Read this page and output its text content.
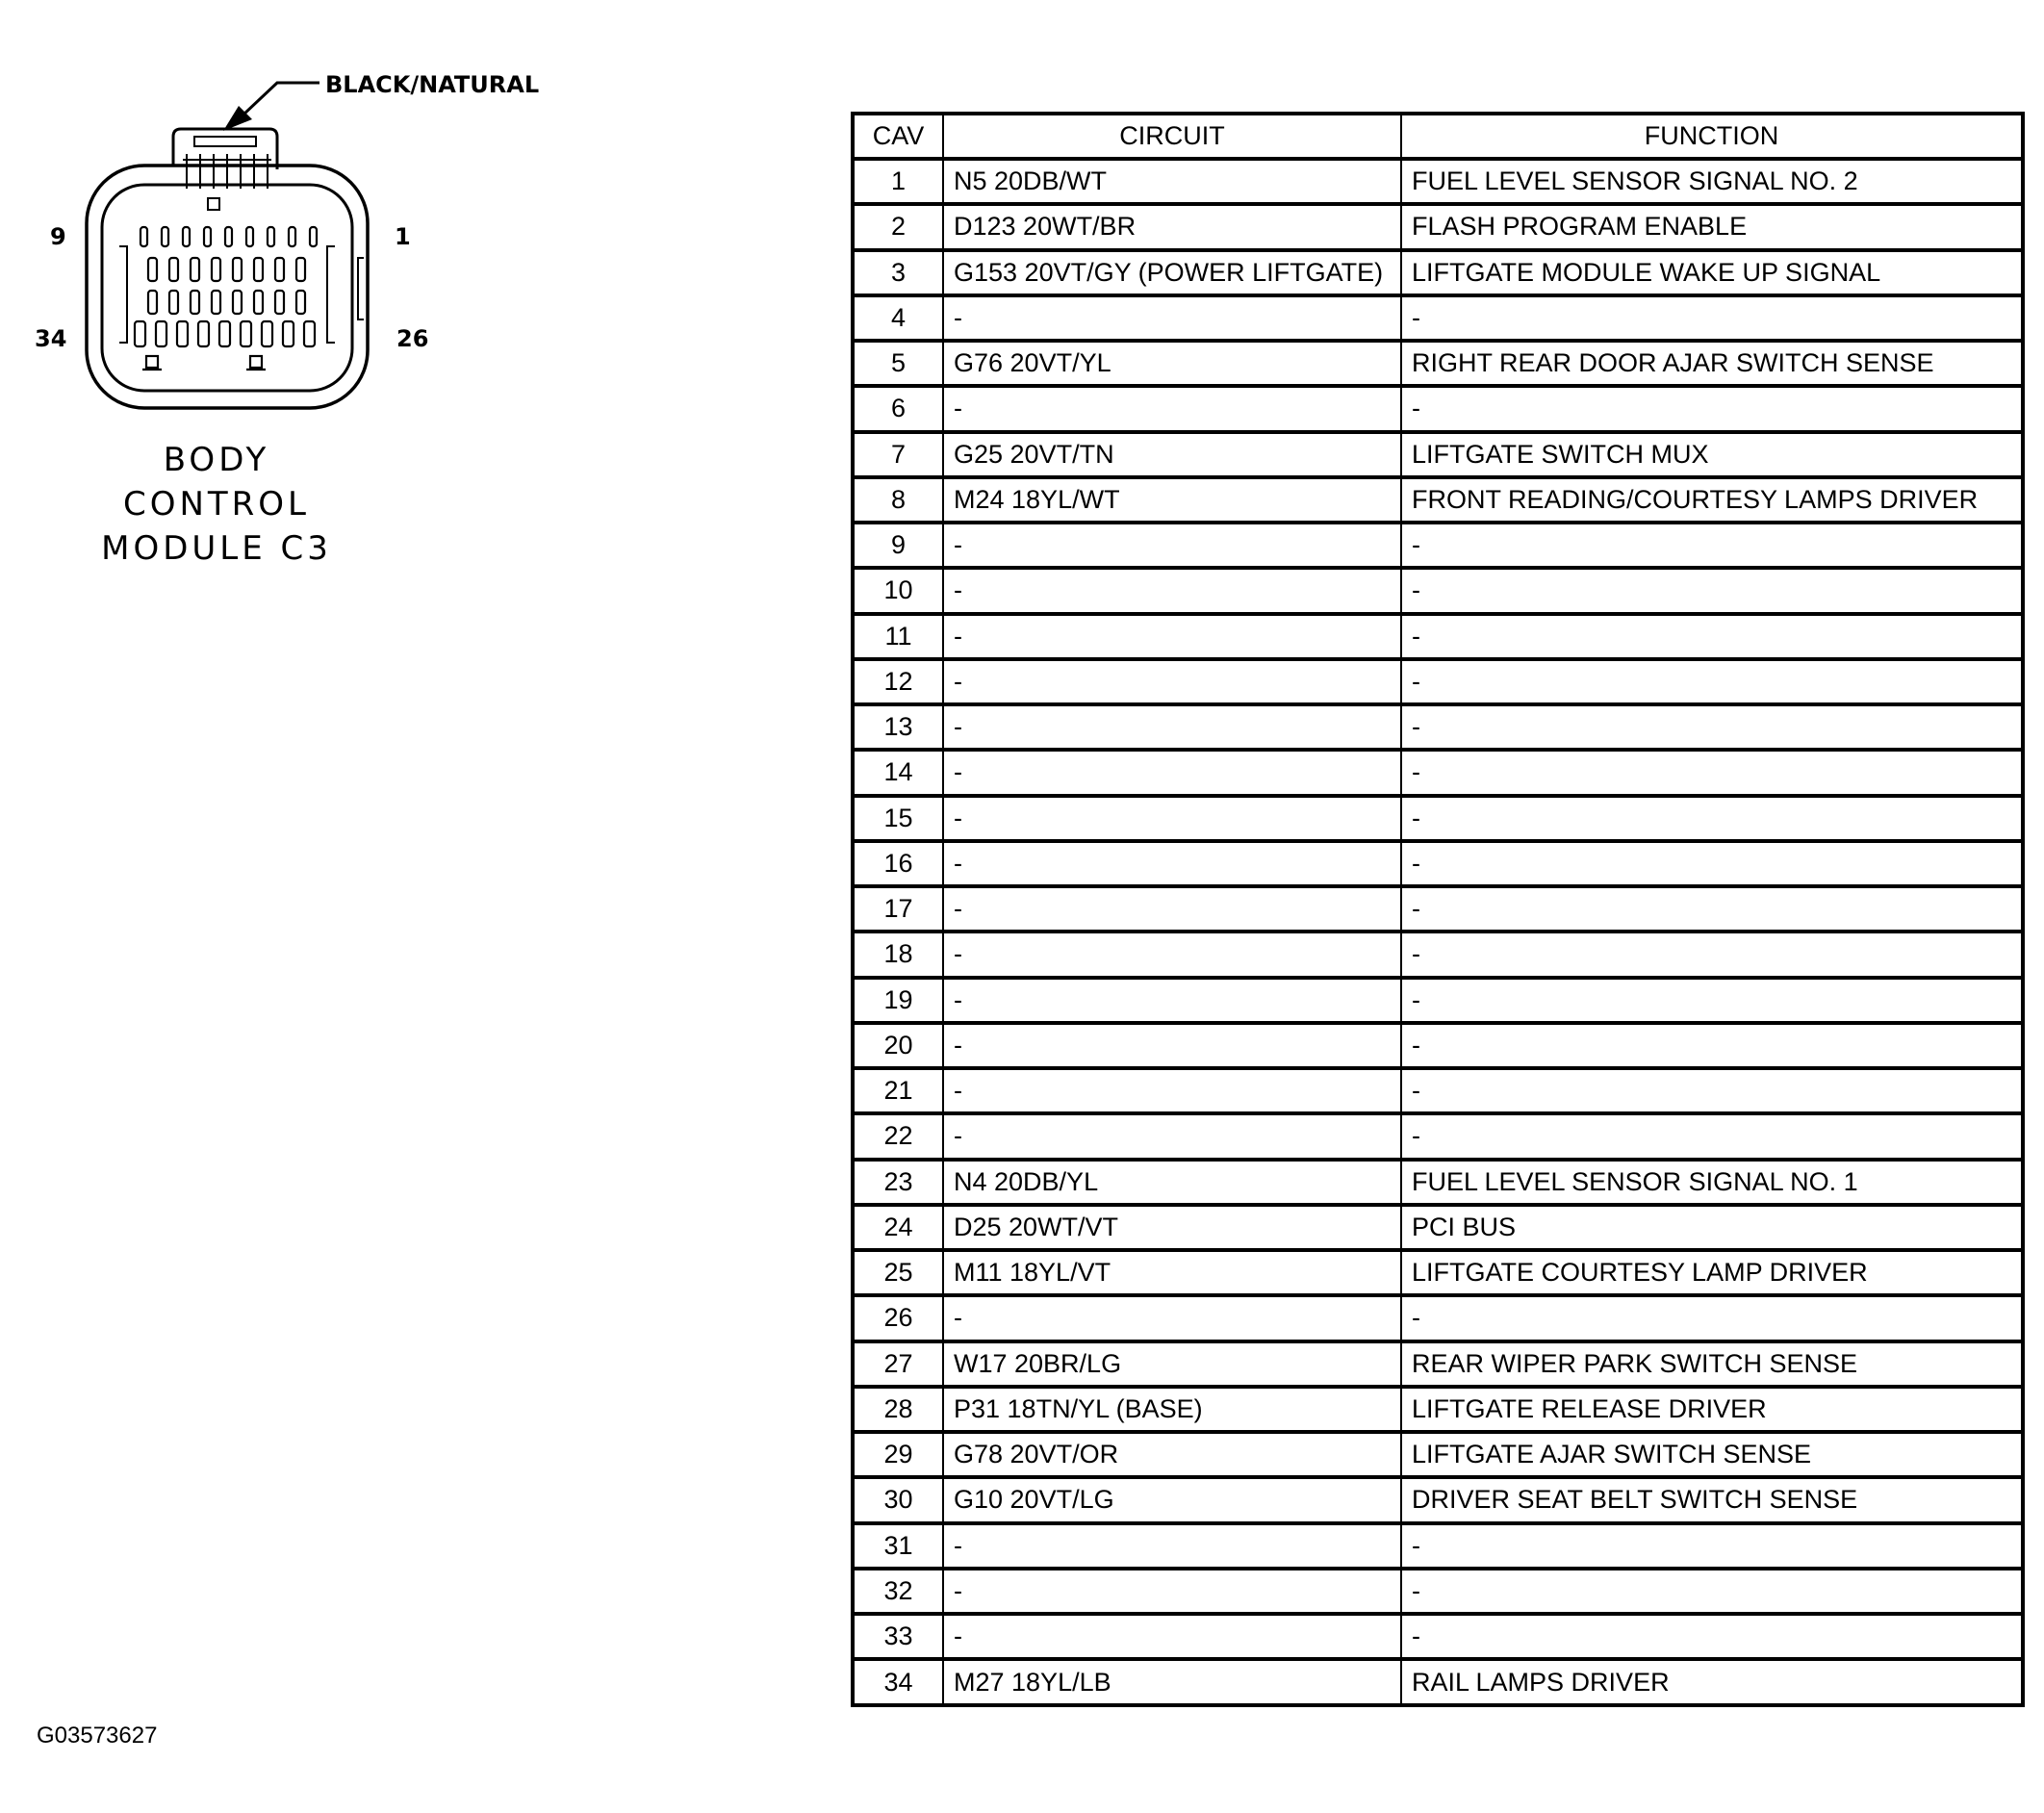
BLACK/NATURAL
9	1
34	26
BODY
CONTROL
MODULE C3
CAV	CIRCUIT	FUNCTION
1	N5 20DB/WT	FUEL LEVEL SENSOR SIGNAL NO. 2
2	D123 20WT/BR	FLASH PROGRAM ENABLE
3	G153 20VT/GY (POWER LIFTGATE)	LIFTGATE MODULE WAKE UP SIGNAL
4	-	-
5	G76 20VT/YL	RIGHT REAR DOOR AJAR SWITCH SENSE
6	-	-
7	G25 20VT/TN	LIFTGATE SWITCH MUX
8	M24 18YL/WT	FRONT READING/COURTESY LAMPS DRIVER
9	-	-
10	-	-
11	-	-
12	-	-
13	-	-
14	-	-
15	-	-
16	-	-
17	-	-
18	-	-
19	-	-
20	-	-
21	-	-
22	-	-
23	N4 20DB/YL	FUEL LEVEL SENSOR SIGNAL NO. 1
24	D25 20WT/VT	PCI BUS
25	M11 18YL/VT	LIFTGATE COURTESY LAMP DRIVER
26	-	-
27	W17 20BR/LG	REAR WIPER PARK SWITCH SENSE
28	P31 18TN/YL (BASE)	LIFTGATE RELEASE DRIVER
29	G78 20VT/OR	LIFTGATE AJAR SWITCH SENSE
30	G10 20VT/LG	DRIVER SEAT BELT SWITCH SENSE
31	-	-
32	-	-
33	-	-
34	M27 18YL/LB	RAIL LAMPS DRIVER
G03573627
